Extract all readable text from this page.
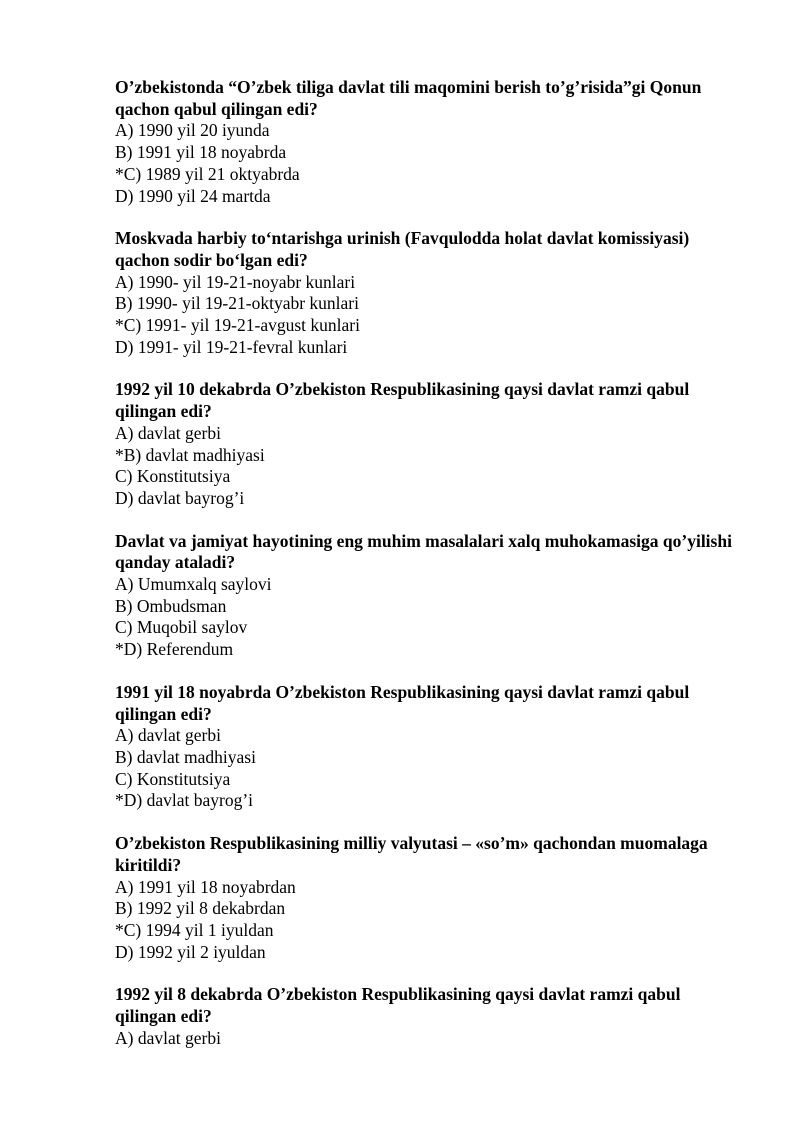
O’zbekistonda “O’zbek tiliga davlat tili maqomini berish to’g’risida”gi Qonun qachon qabul qilingan edi?

A) 1990 yil 20 iyunda
B) 1991 yil 18 noyabrda
*C) 1989 yil 21 oktyabrda
D) 1990 yil 24 martda

Moskvada harbiy to‘ntarishga urinish (Favqulodda holat davlat komissiyasi) qachon sodir bo‘lgan edi?

A) 1990- yil 19-21-noyabr kunlari
B) 1990- yil 19-21-oktyabr kunlari
*C) 1991- yil 19-21-avgust kunlari
D) 1991- yil 19-21-fevral kunlari

1992 yil 10 dekabrda O’zbekiston Respublikasining qaysi davlat ramzi qabul qilingan edi?

A) davlat gerbi
*B) davlat madhiyasi
C) Konstitutsiya
D) davlat bayrog’i

Davlat va jamiyat hayotining eng muhim masalalari xalq muhokamasiga qo’yilishi qanday ataladi?

A) Umumxalq saylovi
B) Ombudsman
C) Muqobil saylov
*D) Referendum

1991 yil 18 noyabrda O’zbekiston Respublikasining qaysi davlat ramzi qabul qilingan edi?

A) davlat gerbi
B) davlat madhiyasi
C) Konstitutsiya
*D) davlat bayrog’i

O’zbekiston Respublikasining milliy valyutasi – «so’m» qachondan muomalaga kiritildi?

A) 1991 yil 18 noyabrdan
B) 1992 yil 8 dekabrdan
*C) 1994 yil 1 iyuldan
D) 1992 yil 2 iyuldan

1992 yil 8 dekabrda O’zbekiston Respublikasining qaysi davlat ramzi qabul qilingan edi?

A) davlat gerbi
